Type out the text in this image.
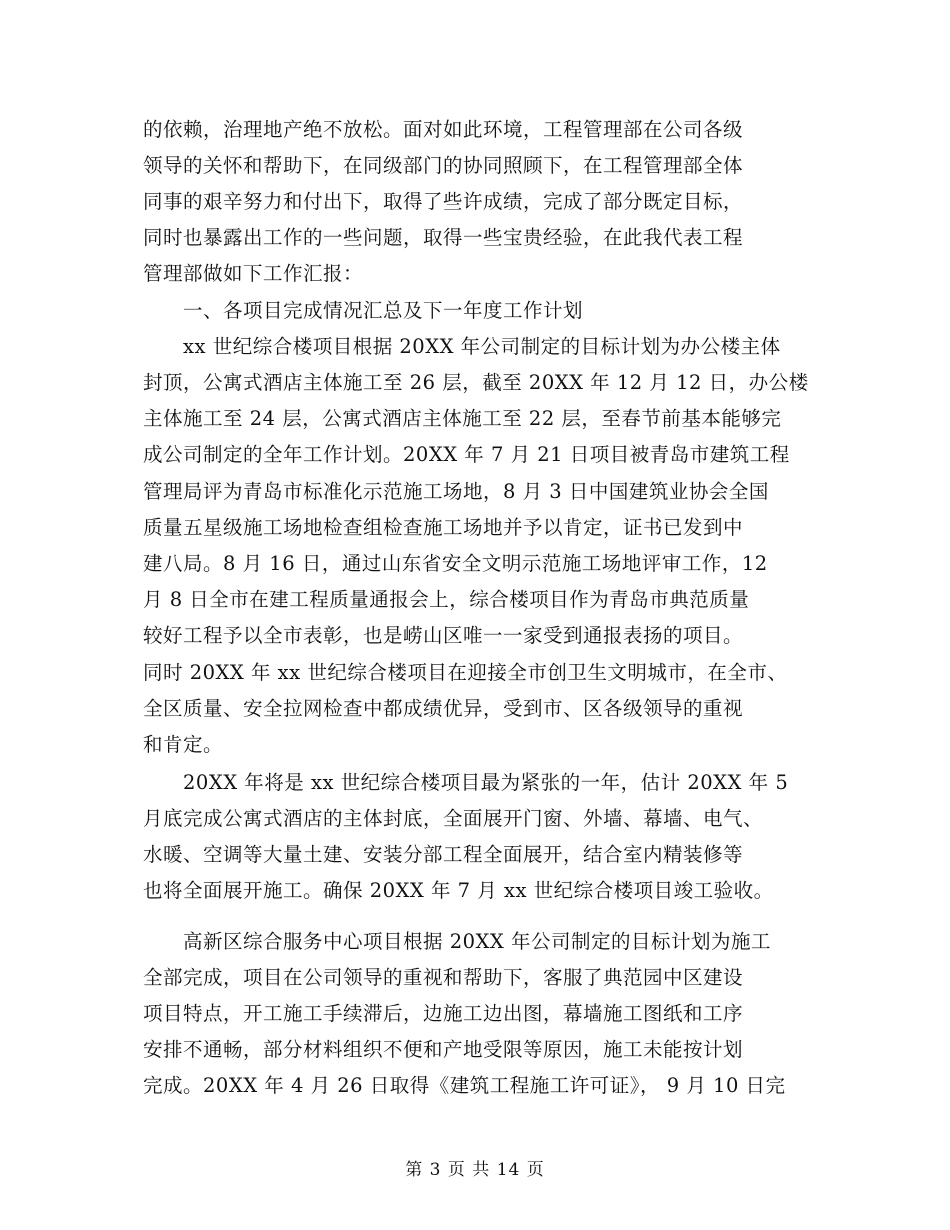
的依赖，治理地产绝不放松。面对如此环境，工程管理部在公司各级
领导的关怀和帮助下，在同级部门的协同照顾下，在工程管理部全体
同事的艰辛努力和付出下，取得了些许成绩，完成了部分既定目标，
同时也暴露出工作的一些问题，取得一些宝贵经验，在此我代表工程
管理部做如下工作汇报：
一、各项目完成情况汇总及下一年度工作计划
xx 世纪综合楼项目根据 20XX 年公司制定的目标计划为办公楼主体
封顶，公寓式酒店主体施工至 26 层，截至 20XX 年 12 月 12 日，办公楼
主体施工至 24 层，公寓式酒店主体施工至 22 层，至春节前基本能够完
成公司制定的全年工作计划。20XX 年 7 月 21 日项目被青岛市建筑工程
管理局评为青岛市标准化示范施工场地，8 月 3 日中国建筑业协会全国
质量五星级施工场地检查组检查施工场地并予以肯定，证书已发到中
建八局。8 月 16 日，通过山东省安全文明示范施工场地评审工作，12
月 8 日全市在建工程质量通报会上，综合楼项目作为青岛市典范质量
较好工程予以全市表彰，也是崂山区唯一一家受到通报表扬的项目。
同时 20XX 年 xx 世纪综合楼项目在迎接全市创卫生文明城市，在全市、
全区质量、安全拉网检查中都成绩优异，受到市、区各级领导的重视
和肯定。
20XX 年将是 xx 世纪综合楼项目最为紧张的一年，估计 20XX 年 5
月底完成公寓式酒店的主体封底，全面展开门窗、外墙、幕墙、电气、
水暖、空调等大量土建、安装分部工程全面展开，结合室内精装修等
也将全面展开施工。确保 20XX 年 7 月 xx 世纪综合楼项目竣工验收。
高新区综合服务中心项目根据 20XX 年公司制定的目标计划为施工
全部完成，项目在公司领导的重视和帮助下，客服了典范园中区建设
项目特点，开工施工手续滞后，边施工边出图，幕墙施工图纸和工序
安排不通畅，部分材料组织不便和产地受限等原因，施工未能按计划
完成。20XX 年 4 月 26 日取得《建筑工程施工许可证》， 9 月 10 日完
第 3 页 共 14 页
